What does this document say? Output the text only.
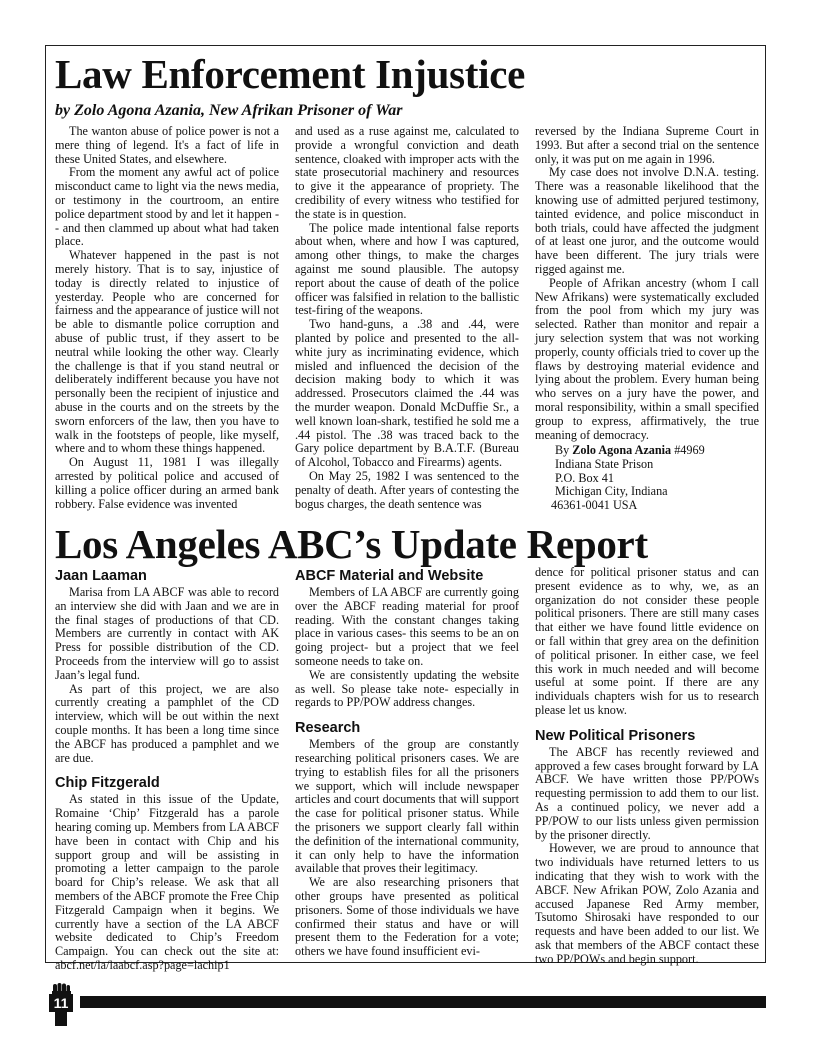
Law Enforcement Injustice
by Zolo Agona Azania, New Afrikan Prisoner of War

The wanton abuse of police power is not a mere thing of legend. It's a fact of life in these United States, and elsewhere.

From the moment any awful act of police misconduct came to light via the news media, or testimony in the courtroom, an entire police department stood by and let it happen -- and then clammed up about what had taken place.

Whatever happened in the past is not merely history. That is to say, injustice of today is directly related to injustice of yesterday. People who are concerned for fairness and the appearance of justice will not be able to dismantle police corruption and abuse of public trust, if they assert to be neutral while looking the other way. Clearly the challenge is that if you stand neutral or deliberately indifferent because you have not personally been the recipient of injustice and abuse in the courts and on the streets by the sworn enforcers of the law, then you have to walk in the footsteps of people, like myself, where and to whom these things happened.

On August 11, 1981 I was illegally arrested by political police and accused of killing a police officer during an armed bank robbery. False evidence was invented

and used as a ruse against me, calculated to provide a wrongful conviction and death sentence, cloaked with improper acts with the state prosecutorial machinery and resources to give it the appearance of propriety. The credibility of every witness who testified for the state is in question.

The police made intentional false reports about when, where and how I was captured, among other things, to make the charges against me sound plausible. The autopsy report about the cause of death of the police officer was falsified in relation to the ballistic test-firing of the weapons.

Two hand-guns, a .38 and .44, were planted by police and presented to the all-white jury as incriminating evidence, which misled and influenced the decision of the decision making body to which it was addressed. Prosecutors claimed the .44 was the murder weapon. Donald McDuffie Sr., a well known loan-shark, testified he sold me a .44 pistol. The .38 was traced back to the Gary police department by B.A.T.F. (Bureau of Alcohol, Tobacco and Firearms) agents.

On May 25, 1982 I was sentenced to the penalty of death. After years of contesting the bogus charges, the death sentence was

reversed by the Indiana Supreme Court in 1993. But after a second trial on the sentence only, it was put on me again in 1996.

My case does not involve D.N.A. testing. There was a reasonable likelihood that the knowing use of admitted perjured testimony, tainted evidence, and police misconduct in both trials, could have affected the judgment of at least one juror, and the outcome would have been different. The jury trials were rigged against me.

People of Afrikan ancestry (whom I call New Afrikans) were systematically excluded from the pool from which my jury was selected. Rather than monitor and repair a jury selection system that was not working properly, county officials tried to cover up the flaws by destroying material evidence and lying about the problem. Every human being who serves on a jury have the power, and moral responsibility, within a small specified group to express, affirmatively, the true meaning of democracy.

By Zolo Agona Azania #4969
Indiana State Prison
P.O. Box 41
Michigan City, Indiana
46361-0041 USA
Los Angeles ABC’s Update Report
Jaan Laaman

Marisa from LA ABCF was able to record an interview she did with Jaan and we are in the final stages of productions of that CD. Members are currently in contact with AK Press for possible distribution of the CD. Proceeds from the interview will go to assist Jaan’s legal fund.

As part of this project, we are also currently creating a pamphlet of the CD interview, which will be out within the next couple months. It has been a long time since the ABCF has produced a pamphlet and we are due.

Chip Fitzgerald

As stated in this issue of the Update, Romaine ‘Chip’ Fitzgerald has a parole hearing coming up. Members from LA ABCF have been in contact with Chip and his support group and will be assisting in promoting a letter campaign to the parole board for Chip’s release. We ask that all members of the ABCF promote the Free Chip Fitzgerald Campaign when it begins. We currently have a section of the LA ABCF website dedicated to Chip’s Freedom Campaign. You can check out the site at: abcf.net/la/laabcf.asp?page=lachip1

ABCF Material and Website

Members of LA ABCF are currently going over the ABCF reading material for proof reading. With the constant changes taking place in various cases- this seems to be an on going project- but a project that we feel someone needs to take on.

We are consistently updating the website as well. So please take note- especially in regards to PP/POW address changes.

Research

Members of the group are constantly researching political prisoners cases. We are trying to establish files for all the prisoners we support, which will include newspaper articles and court documents that will support the case for political prisoner status. While the prisoners we support clearly fall within the definition of the international community, it can only help to have the information available that proves their legitimacy.

We are also researching prisoners that other groups have presented as political prisoners. Some of those individuals we have confirmed their status and have or will present them to the Federation for a vote; others we have found insufficient evi-

dence for political prisoner status and can present evidence as to why, we, as an organization do not consider these people political prisoners. There are still many cases that either we have found little evidence on or fall within that grey area on the definition of political prisoner. In either case, we feel this work in much needed and will become useful at some point. If there are any individuals chapters wish for us to research please let us know.

New Political Prisoners

The ABCF has recently reviewed and approved a few cases brought forward by LA ABCF. We have written those PP/POWs requesting permission to add them to our list. As a continued policy, we never add a PP/POW to our lists unless given permission by the prisoner directly.

However, we are proud to announce that two individuals have returned letters to us indicating that they wish to work with the ABCF. New Afrikan POW, Zolo Azania and accused Japanese Red Army member, Tsutomo Shirosaki have responded to our requests and have been added to our list. We ask that members of the ABCF contact these two PP/POWs and begin support.

11
